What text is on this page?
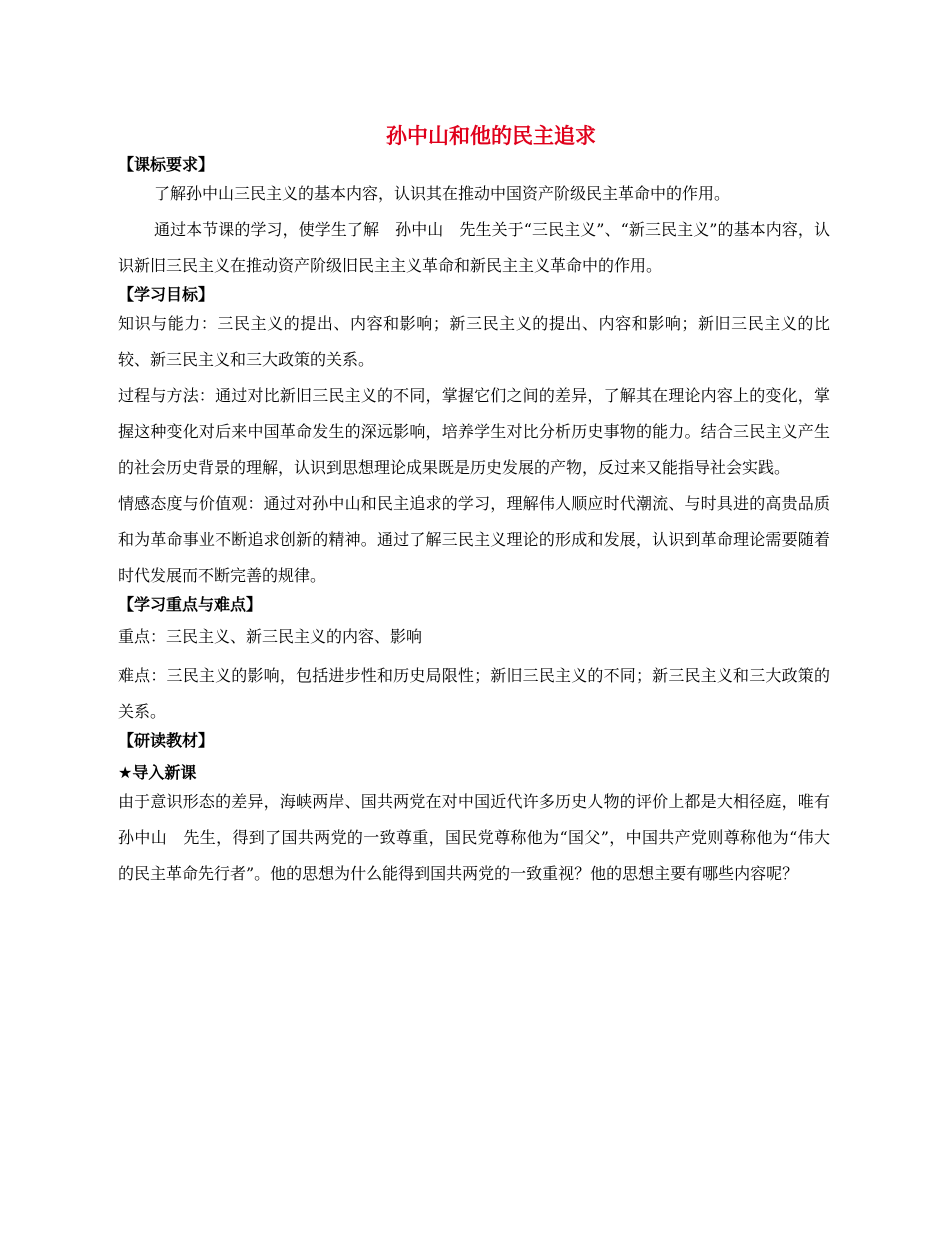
孙中山和他的民主追求
【课标要求】

了解孙中山三民主义的基本内容，认识其在推动中国资产阶级民主革命中的作用。

通过本节课的学习，使学生了解　孙中山　先生关于“三民主义”、“新三民主义”的基本内容，认识新旧三民主义在推动资产阶级旧民主主义革命和新民主主义革命中的作用。

【学习目标】

知识与能力：三民主义的提出、内容和影响；新三民主义的提出、内容和影响；新旧三民主义的比较、新三民主义和三大政策的关系。

过程与方法：通过对比新旧三民主义的不同，掌握它们之间的差异，了解其在理论内容上的变化，掌握这种变化对后来中国革命发生的深远影响，培养学生对比分析历史事物的能力。结合三民主义产生的社会历史背景的理解，认识到思想理论成果既是历史发展的产物，反过来又能指导社会实践。

情感态度与价值观：通过对孙中山和民主追求的学习，理解伟人顺应时代潮流、与时具进的高贵品质和为革命事业不断追求创新的精神。通过了解三民主义理论的形成和发展，认识到革命理论需要随着时代发展而不断完善的规律。

【学习重点与难点】

重点：三民主义、新三民主义的内容、影响

难点：三民主义的影响，包括进步性和历史局限性；新旧三民主义的不同；新三民主义和三大政策的关系。

【研读教材】
★导入新课

由于意识形态的差异，海峡两岸、国共两党在对中国近代许多历史人物的评价上都是大相径庭，唯有　孙中山　先生，得到了国共两党的一致尊重，国民党尊称他为“国父”，中国共产党则尊称他为“伟大的民主革命先行者”。他的思想为什么能得到国共两党的一致重视？他的思想主要有哪些内容呢？
